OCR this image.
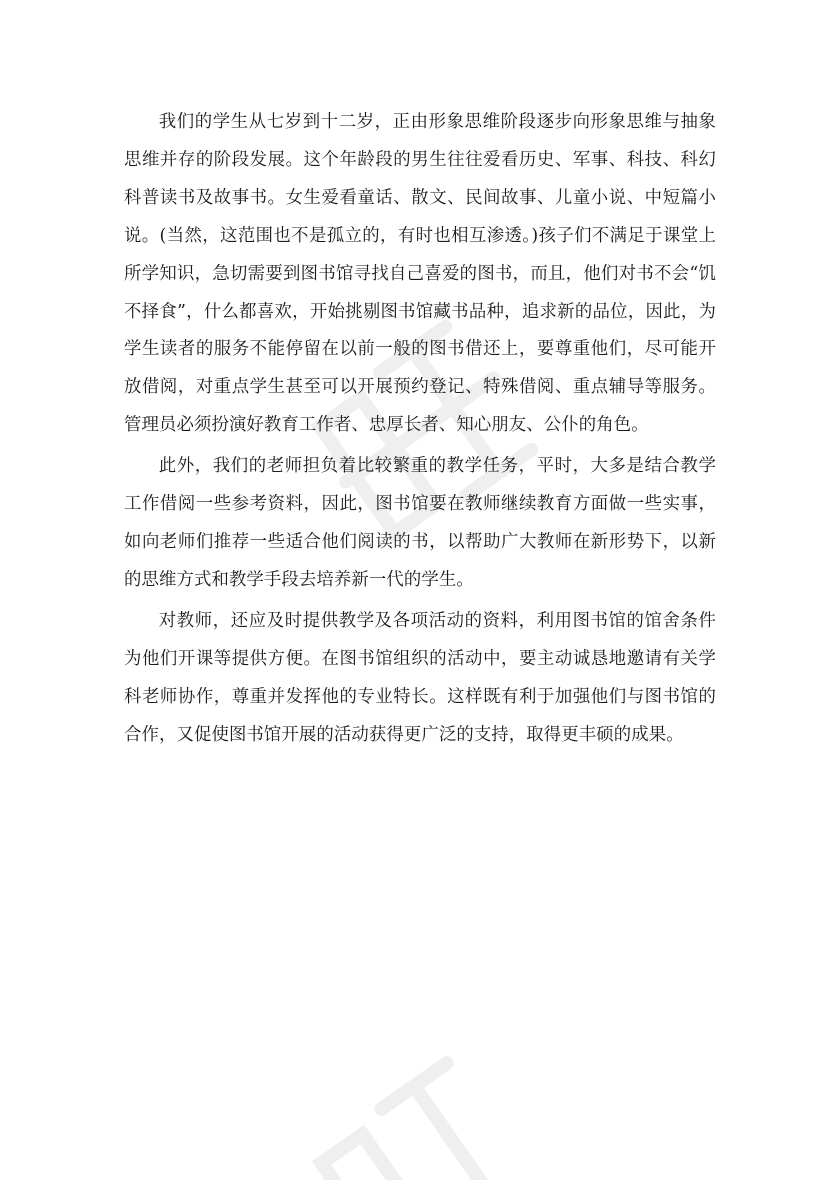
我们的学生从七岁到十二岁，正由形象思维阶段逐步向形象思维与抽象思维并存的阶段发展。这个年龄段的男生往往爱看历史、军事、科技、科幻科普读书及故事书。女生爱看童话、散文、民间故事、儿童小说、中短篇小说。(当然，这范围也不是孤立的，有时也相互渗透。)孩子们不满足于课堂上所学知识，急切需要到图书馆寻找自己喜爱的图书，而且，他们对书不会“饥不择食”，什么都喜欢，开始挑剔图书馆藏书品种，追求新的品位，因此，为学生读者的服务不能停留在以前一般的图书借还上，要尊重他们，尽可能开放借阅，对重点学生甚至可以开展预约登记、特殊借阅、重点辅导等服务。管理员必须扮演好教育工作者、忠厚长者、知心朋友、公仆的角色。

此外，我们的老师担负着比较繁重的教学任务，平时，大多是结合教学工作借阅一些参考资料，因此，图书馆要在教师继续教育方面做一些实事，如向老师们推荐一些适合他们阅读的书，以帮助广大教师在新形势下，以新的思维方式和教学手段去培养新一代的学生。

对教师，还应及时提供教学及各项活动的资料，利用图书馆的馆舍条件为他们开课等提供方便。在图书馆组织的活动中，要主动诚恳地邀请有关学科老师协作，尊重并发挥他的专业特长。这样既有利于加强他们与图书馆的合作，又促使图书馆开展的活动获得更广泛的支持，取得更丰硕的成果。
